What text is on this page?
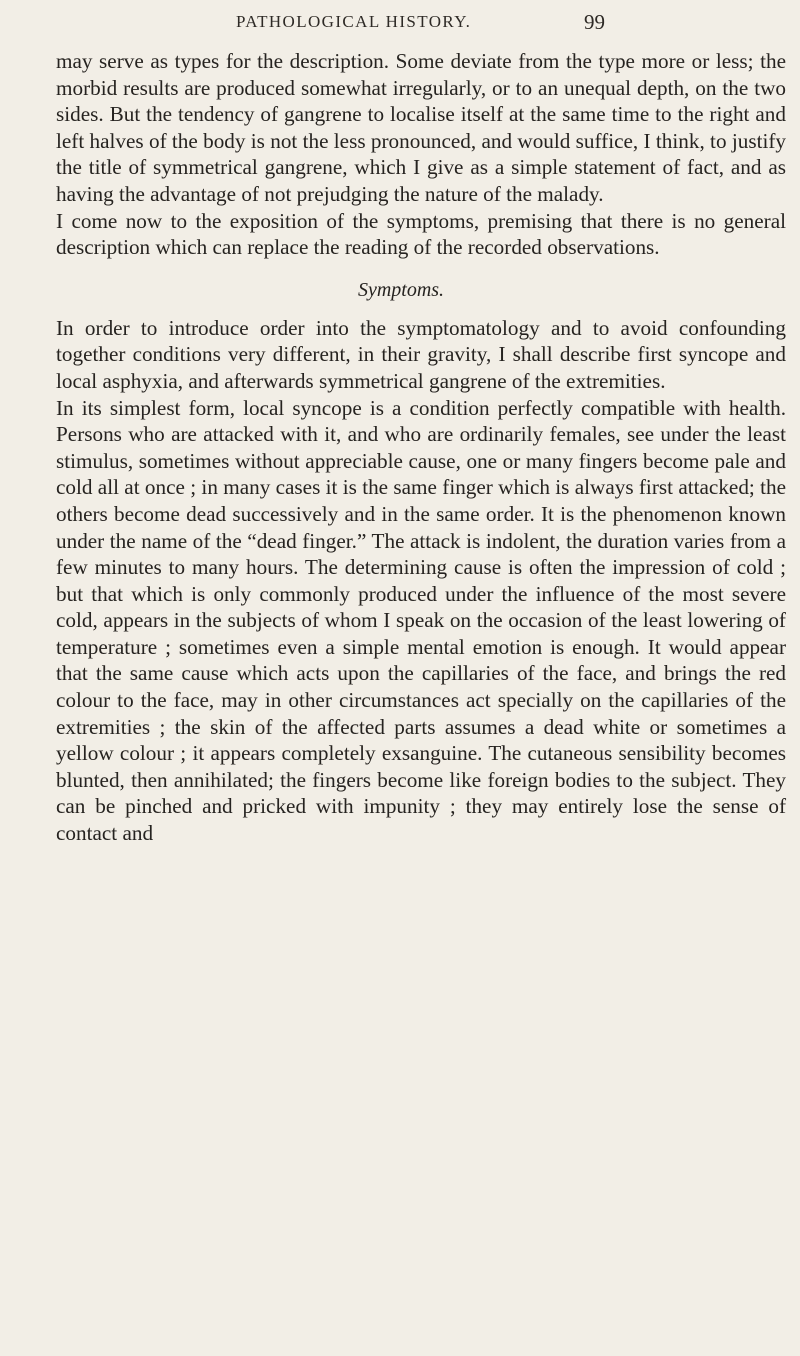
PATHOLOGICAL HISTORY.	99

may serve as types for the description. Some deviate from the type more or less; the morbid results are produced somewhat irregularly, or to an unequal depth, on the two sides. But the tendency of gangrene to localise itself at the same time to the right and left halves of the body is not the less pronounced, and would suffice, I think, to justify the title of symmetrical gangrene, which I give as a simple statement of fact, and as having the advantage of not prejudging the nature of the malady.

I come now to the exposition of the symptoms, premising that there is no general description which can replace the reading of the recorded observations.

Symptoms.

In order to introduce order into the symptomatology and to avoid confounding together conditions very different, in their gravity, I shall describe first syncope and local asphyxia, and afterwards symmetrical gangrene of the extremities.

In its simplest form, local syncope is a condition perfectly compatible with health. Persons who are attacked with it, and who are ordinarily females, see under the least stimulus, sometimes without appreciable cause, one or many fingers become pale and cold all at once ; in many cases it is the same finger which is always first attacked; the others become dead successively and in the same order. It is the phenomenon known under the name of the “dead finger.” The attack is indolent, the duration varies from a few minutes to many hours. The determining cause is often the impression of cold ; but that which is only commonly produced under the influence of the most severe cold, appears in the subjects of whom I speak on the occasion of the least lowering of temperature ; sometimes even a simple mental emotion is enough. It would appear that the same cause which acts upon the capillaries of the face, and brings the red colour to the face, may in other circumstances act specially on the capillaries of the extremities ; the skin of the affected parts assumes a dead white or sometimes a yellow colour ; it appears completely exsanguine. The cutaneous sensibility becomes blunted, then annihilated; the fingers become like foreign bodies to the subject. They can be pinched and pricked with impunity ; they may entirely lose the sense of contact and
